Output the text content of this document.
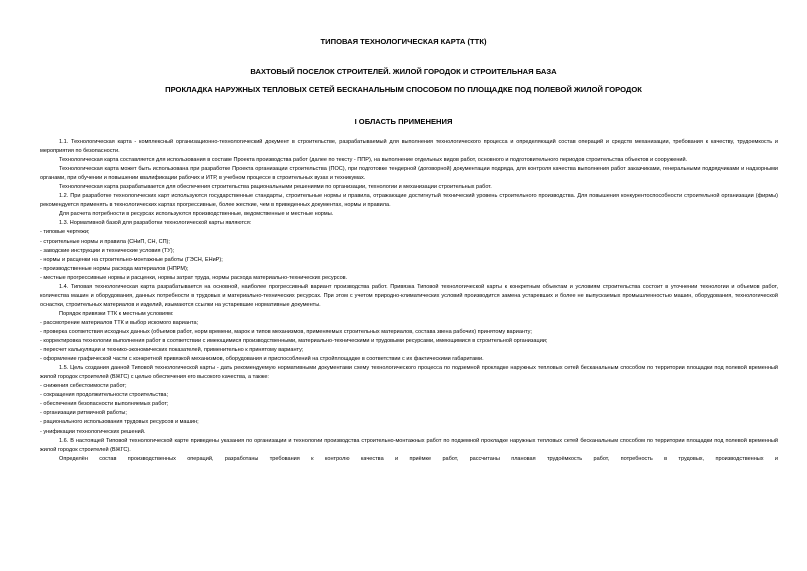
ТИПОВАЯ ТЕХНОЛОГИЧЕСКАЯ КАРТА (ТТК)
ВАХТОВЫЙ ПОСЕЛОК СТРОИТЕЛЕЙ. ЖИЛОЙ ГОРОДОК И СТРОИТЕЛЬНАЯ БАЗА
ПРОКЛАДКА НАРУЖНЫХ ТЕПЛОВЫХ СЕТЕЙ БЕСКАНАЛЬНЫМ СПОСОБОМ ПО ПЛОЩАДКЕ ПОД ПОЛЕВОЙ ЖИЛОЙ ГОРОДОК
I ОБЛАСТЬ ПРИМЕНЕНИЯ

1.1. Технологическая карта - комплексный организационно-технологический документ в строительстве, разрабатываемый для выполнения технологического процесса и определяющий состав операций и средств механизации, требования к качеству, трудоемкость и мероприятия по безопасности.

Технологическая карта составляется для использования в составе Проекта производства работ (далее по тексту - ППР), на выполнение отдельных видов работ, основного и подготовительного периодов строительства объектов и сооружений.

Технологическая карта может быть использована при разработке Проекта организации строительства (ПОС), при подготовке тендерной (договорной) документации подряда, для контроля качества выполнения работ заказчиками, генеральными подрядчиками и надзорными органами, при обучении и повышении квалификации рабочих и ИТР, в учебном процессе в строительных вузах и техникумах.

Технологическая карта разрабатывается для обеспечения строительства рациональными решениями по организации, технологии и механизации строительных работ.

1.2. При разработке технологических карт используются государственные стандарты, строительные нормы и правила, отражающие достигнутый технический уровень строительного производства. Для повышения конкурентоспособности строительной организации (фирмы) рекомендуется применять в технологических картах прогрессивные, более жесткие, чем в приведенных документах, нормы и правила.

Для расчета потребности в ресурсах используются производственные, ведомственные и местные нормы.

1.3. Нормативной базой для разработки технологической карты являются:

- типовые чертежи;
- строительные нормы и правила (СНиП, СН, СП);
- заводские инструкции и технические условия (ТУ);
- нормы и расценки на строительно-монтажные работы (ГЭСН, ЕНиР);
- производственные нормы расхода материалов (НПРМ);
- местные прогрессивные нормы и расценки, нормы затрат труда, нормы расхода материально-технических ресурсов.

1.4. Типовая технологическая карта разрабатывается на основной, наиболее прогрессивный вариант производства работ. Привязка Типовой технологической карты к конкретным объектам и условиям строительства состоит в уточнении технологии и объемов работ, количества машин и оборудования, данных потребности в трудовых и материально-технических ресурсах. При этом с учетом природно-климатических условий производится замена устаревших и более не выпускаемых промышленностью машин, оборудования, технологической оснастки, строительных материалов и изделий, изымаются ссылки на устаревшие нормативные документы.

Порядок привязки ТТК к местным условиям:

- рассмотрение материалов ТТК и выбор искомого варианта;
- проверка соответствия исходных данных (объемов работ, норм времени, марок и типов механизмов, применяемых строительных материалов, состава звена рабочих) принятому варианту;
- корректировка технологии выполнения работ в соответствии с имеющимися производственными, материально-техническими и трудовыми ресурсами, имеющимися в строительной организации;
- пересчет калькуляции и технико-экономических показателей, применительно к принятому варианту;
- оформление графической части с конкретной привязкой механизмов, оборудования и приспособлений на стройплощадке в соответствии с их фактическими габаритами.

1.5. Цель создания данной Типовой технологической карты - дать рекомендуемую нормативными документами схему технологического процесса по подземной прокладке наружных тепловых сетей бесканальным способом по территории площадки под полевой временный жилой городок строителей (ВЖГС) с целью обеспечения его высокого качества, а также:

- снижения себестоимости работ;
- сокращения продолжительности строительства;
- обеспечения безопасности выполняемых работ;
- организации ритмичной работы;
- рационального использования трудовых ресурсов и машин;
- унификации технологических решений.

1.6. В настоящей Типовой технологической карте приведены указания по организации и технологии производства строительно-монтажных работ по подземной прокладке наружных тепловых сетей бесканальным способом по территории площадки под полевой временный жилой городок строителей (ВЖГС).

Определён состав производственных операций, разработаны требования к контролю качества и приёмке работ, рассчитаны плановая трудоёмкость работ, потребность в трудовых, производственных и
